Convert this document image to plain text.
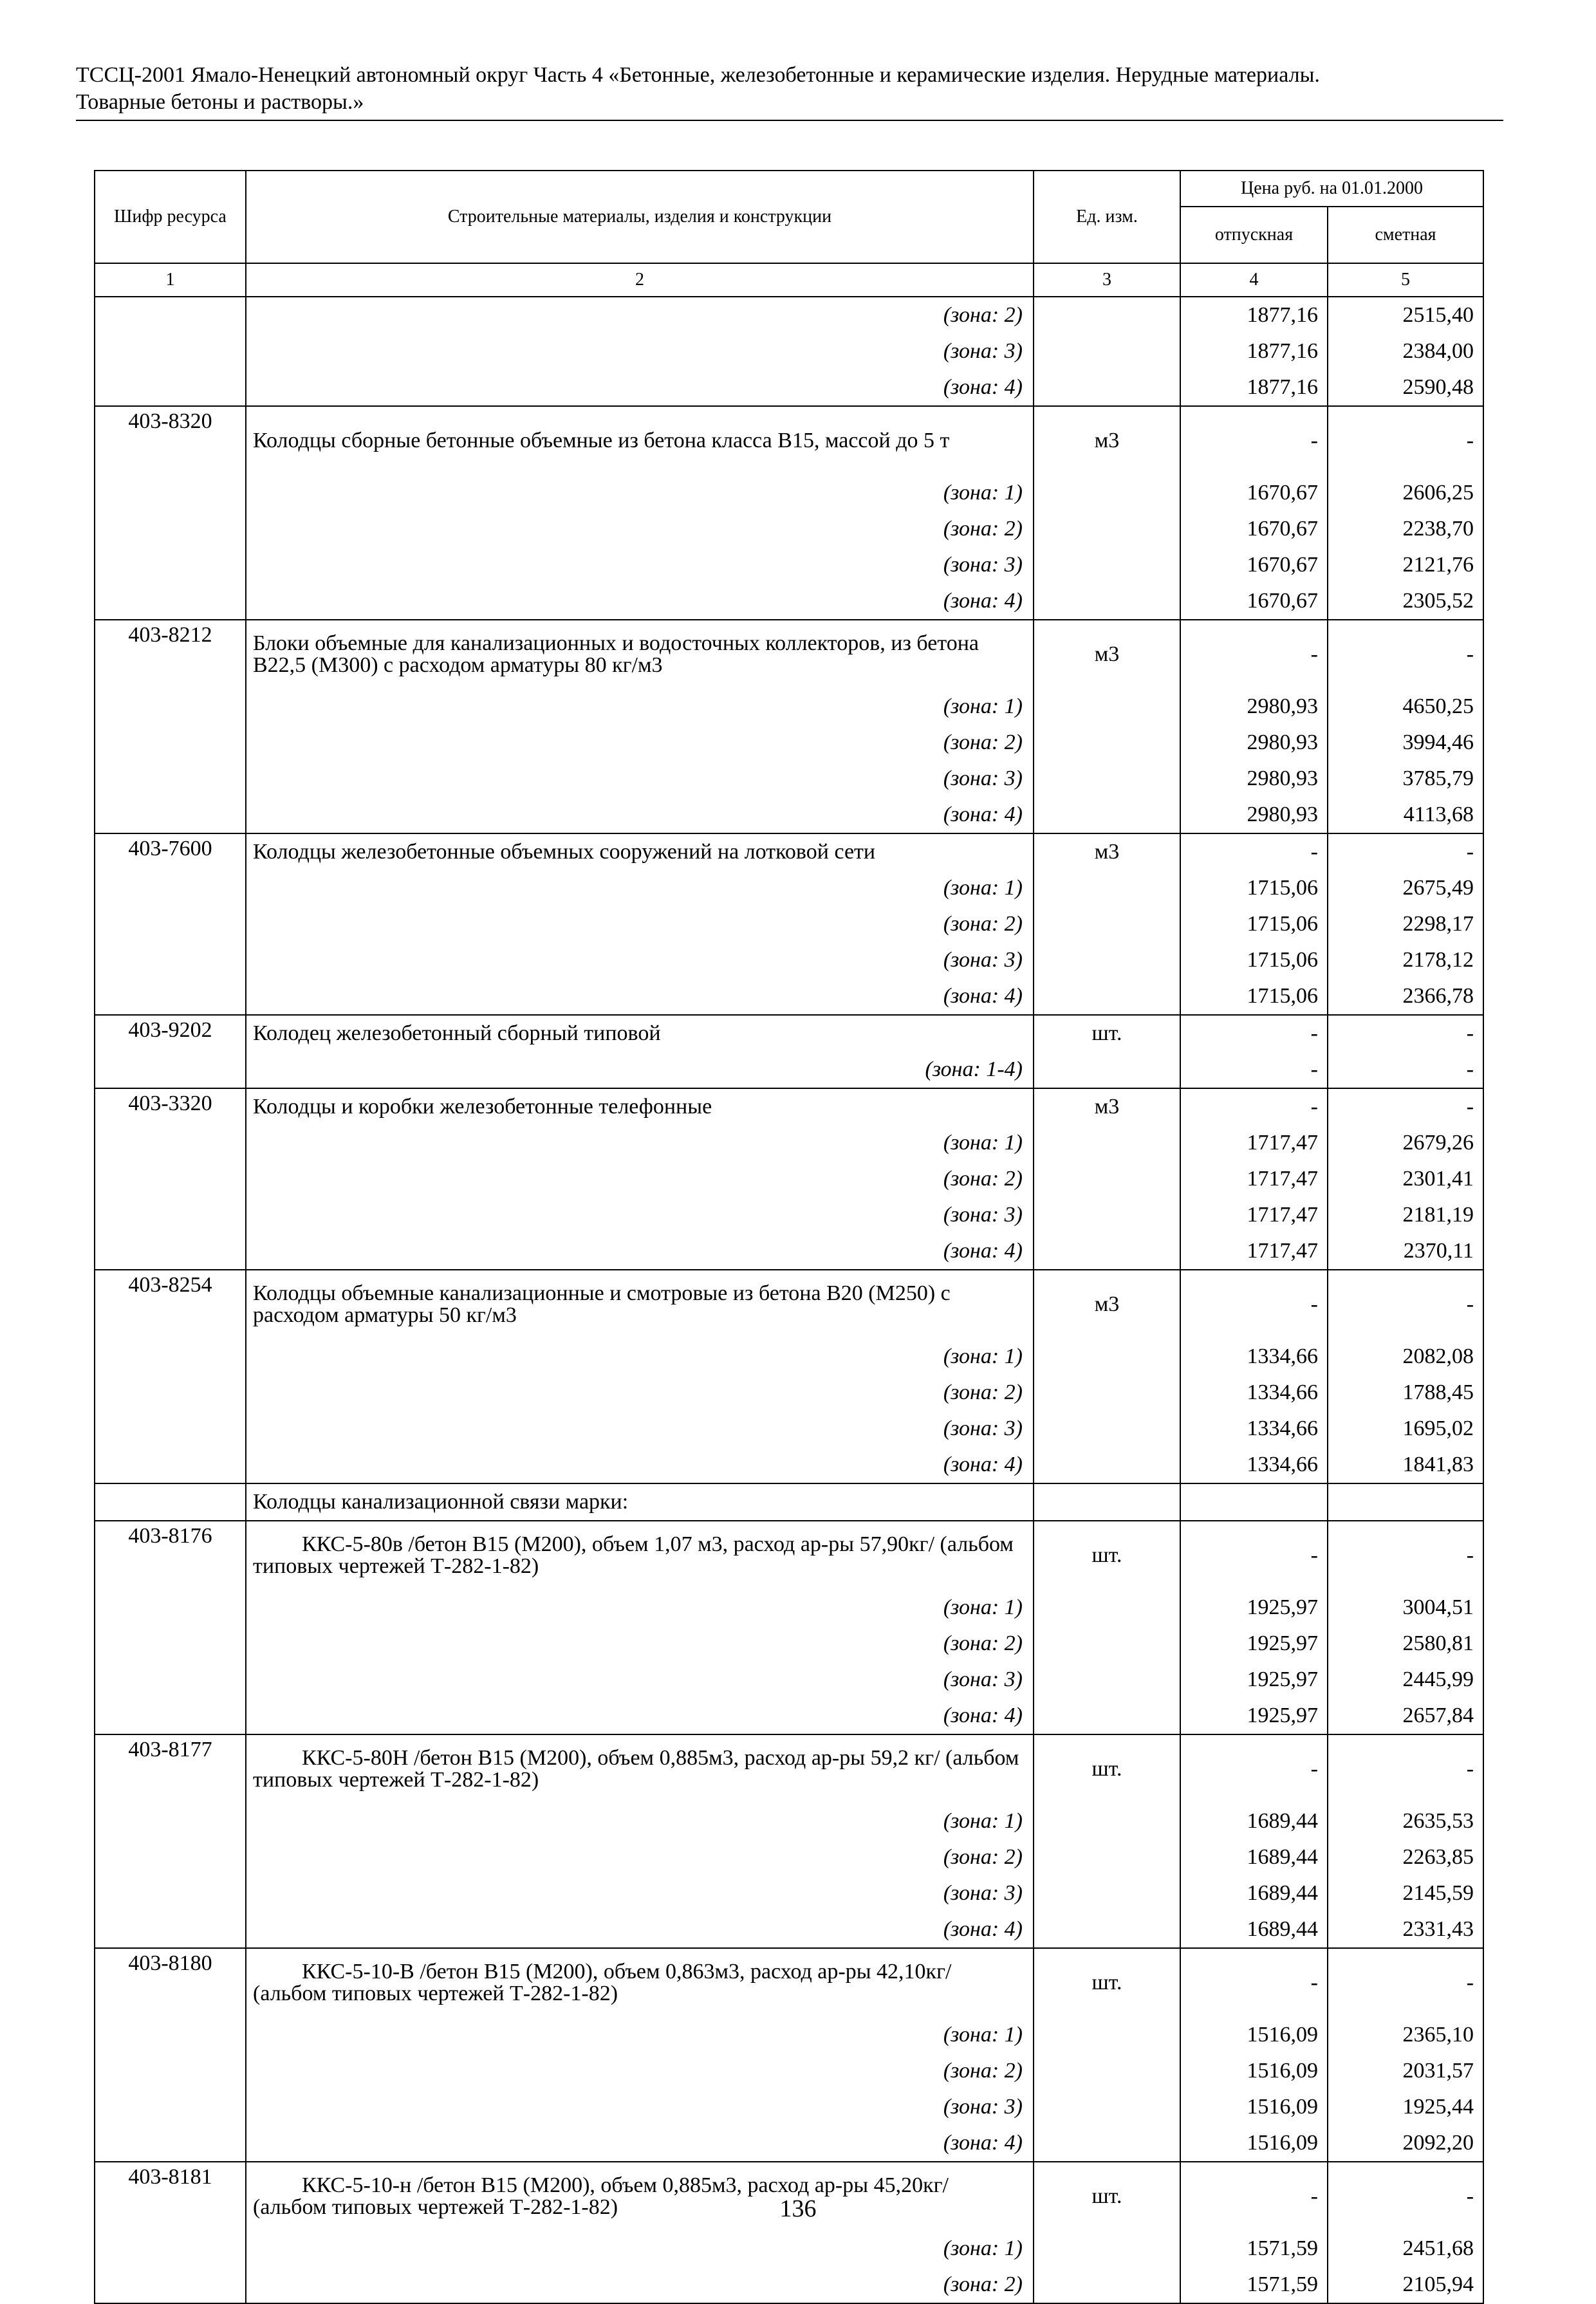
ТССЦ-2001 Ямало-Ненецкий автономный округ Часть 4 «Бетонные, железобетонные и керамические изделия. Нерудные материалы.
Товарные бетоны и растворы.»
Шифр ресурса	Строительные материалы, изделия и конструкции	Ед. изм.	Цена руб. на 01.01.2000	
			отпускная	сметная
1	2	3	4	5
	(зона: 2)		1877,16	2515,40
	(зона: 3)		1877,16	2384,00
	(зона: 4)		1877,16	2590,48
403-8320	Колодцы сборные бетонные объемные из бетона класса В15, массой до 5 т	м3	-	-
	(зона: 1)		1670,67	2606,25
	(зона: 2)		1670,67	2238,70
	(зона: 3)		1670,67	2121,76
	(зона: 4)		1670,67	2305,52
403-8212	Блоки объемные для канализационных и водосточных коллекторов, из бетона В22,5 (М300) с расходом арматуры 80 кг/м3	м3	-	-
	(зона: 1)		2980,93	4650,25
	(зона: 2)		2980,93	3994,46
	(зона: 3)		2980,93	3785,79
	(зона: 4)		2980,93	4113,68
403-7600	Колодцы железобетонные объемных сооружений на лотковой сети	м3	-	-
	(зона: 1)		1715,06	2675,49
	(зона: 2)		1715,06	2298,17
	(зона: 3)		1715,06	2178,12
	(зона: 4)		1715,06	2366,78
403-9202	Колодец железобетонный сборный типовой	шт.	-	-
	(зона: 1-4)		-	-
403-3320	Колодцы и коробки железобетонные телефонные	м3	-	-
	(зона: 1)		1717,47	2679,26
	(зона: 2)		1717,47	2301,41
	(зона: 3)		1717,47	2181,19
	(зона: 4)		1717,47	2370,11
403-8254	Колодцы объемные канализационные и смотровые из бетона В20 (М250) с расходом арматуры 50 кг/м3	м3	-	-
	(зона: 1)		1334,66	2082,08
	(зона: 2)		1334,66	1788,45
	(зона: 3)		1334,66	1695,02
	(зона: 4)		1334,66	1841,83
	Колодцы канализационной связи марки:			
403-8176	ККС-5-80в /бетон В15 (М200), объем 1,07 м3, расход ар-ры 57,90кг/ (альбом типовых чертежей Т-282-1-82)	шт.	-	-
	(зона: 1)		1925,97	3004,51
	(зона: 2)		1925,97	2580,81
	(зона: 3)		1925,97	2445,99
	(зона: 4)		1925,97	2657,84
403-8177	ККС-5-80Н /бетон В15 (М200), объем 0,885м3, расход ар-ры 59,2 кг/ (альбом типовых чертежей Т-282-1-82)	шт.	-	-
	(зона: 1)		1689,44	2635,53
	(зона: 2)		1689,44	2263,85
	(зона: 3)		1689,44	2145,59
	(зона: 4)		1689,44	2331,43
403-8180	ККС-5-10-В /бетон В15 (М200), объем 0,863м3, расход ар-ры 42,10кг/ (альбом типовых чертежей Т-282-1-82)	шт.	-	-
	(зона: 1)		1516,09	2365,10
	(зона: 2)		1516,09	2031,57
	(зона: 3)		1516,09	1925,44
	(зона: 4)		1516,09	2092,20
403-8181	ККС-5-10-н /бетон В15 (М200), объем 0,885м3, расход ар-ры 45,20кг/ (альбом типовых чертежей Т-282-1-82)	шт.	-	-
	(зона: 1)		1571,59	2451,68
	(зона: 2)		1571,59	2105,94
136
